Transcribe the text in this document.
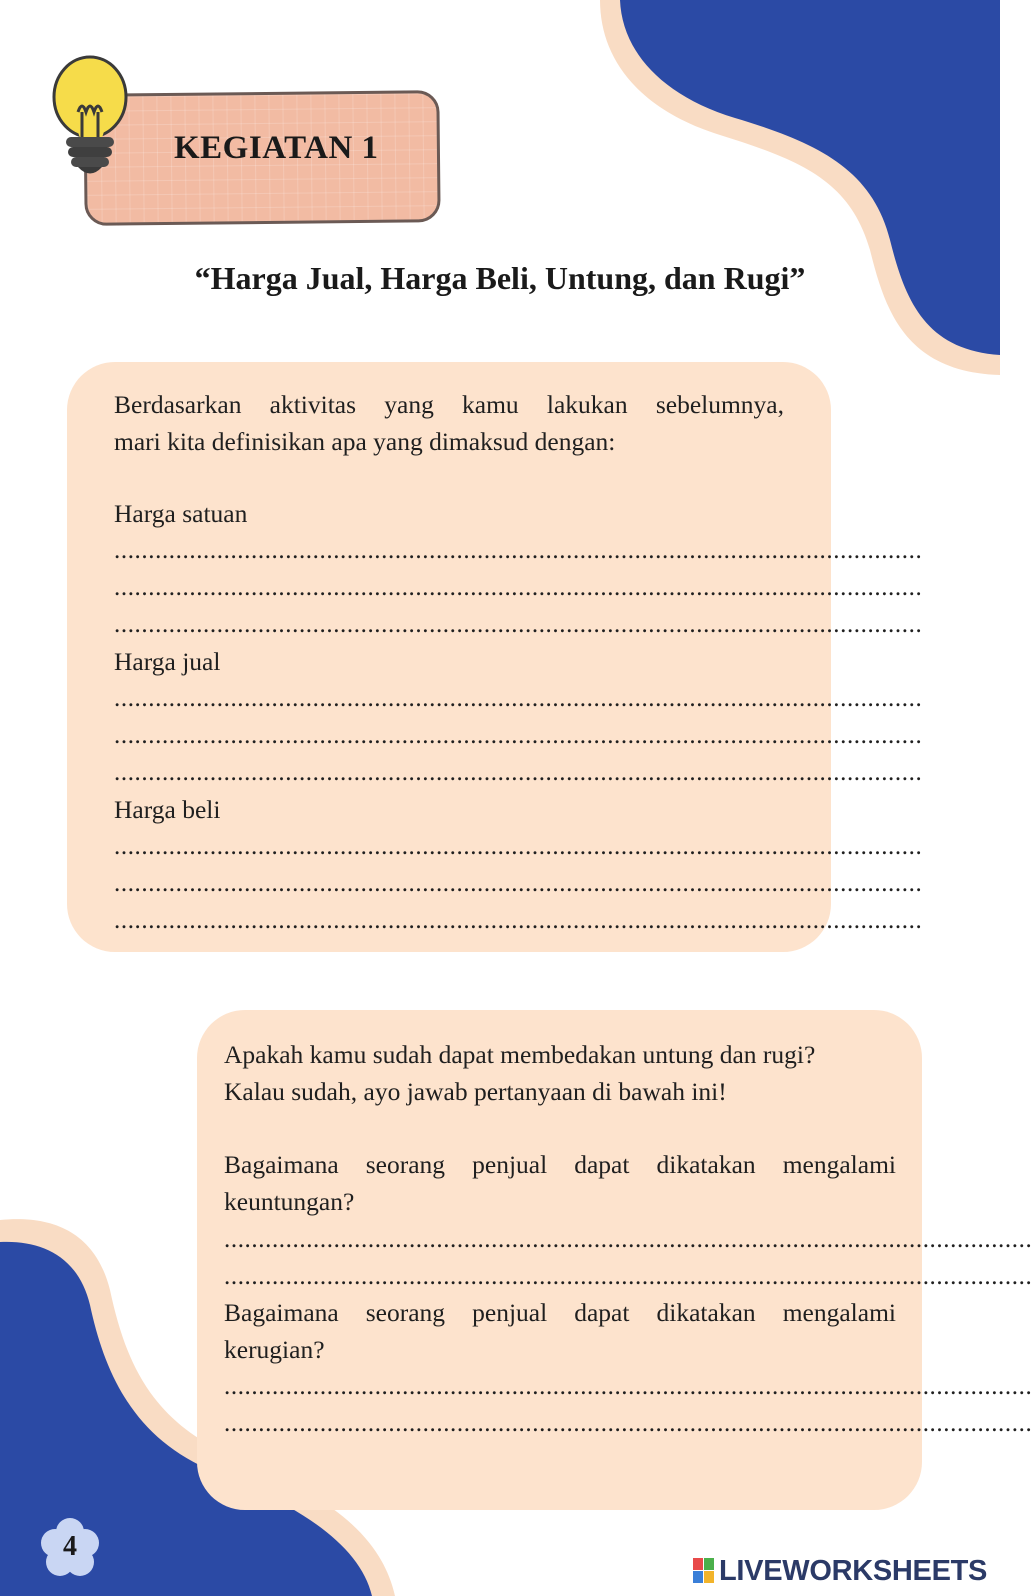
KEGIATAN 1
“Harga Jual, Harga Beli, Untung, dan Rugi”
Berdasarkan aktivitas yang kamu lakukan sebelumnya,
mari kita definisikan apa yang dimaksud dengan:
Harga satuan
......................................................................................................................
......................................................................................................................
......................................................................................................................
Harga jual
......................................................................................................................
......................................................................................................................
......................................................................................................................
Harga beli
......................................................................................................................
......................................................................................................................
......................................................................................................................
Apakah kamu sudah dapat membedakan untung dan rugi?
Kalau sudah, ayo jawab pertanyaan di bawah ini!
Bagaimana seorang penjual dapat dikatakan mengalami
keuntungan?
......................................................................................................................
......................................................................................................................
Bagaimana seorang penjual dapat dikatakan mengalami
kerugian?
......................................................................................................................
......................................................................................................................
4
LIVEWORKSHEETS
